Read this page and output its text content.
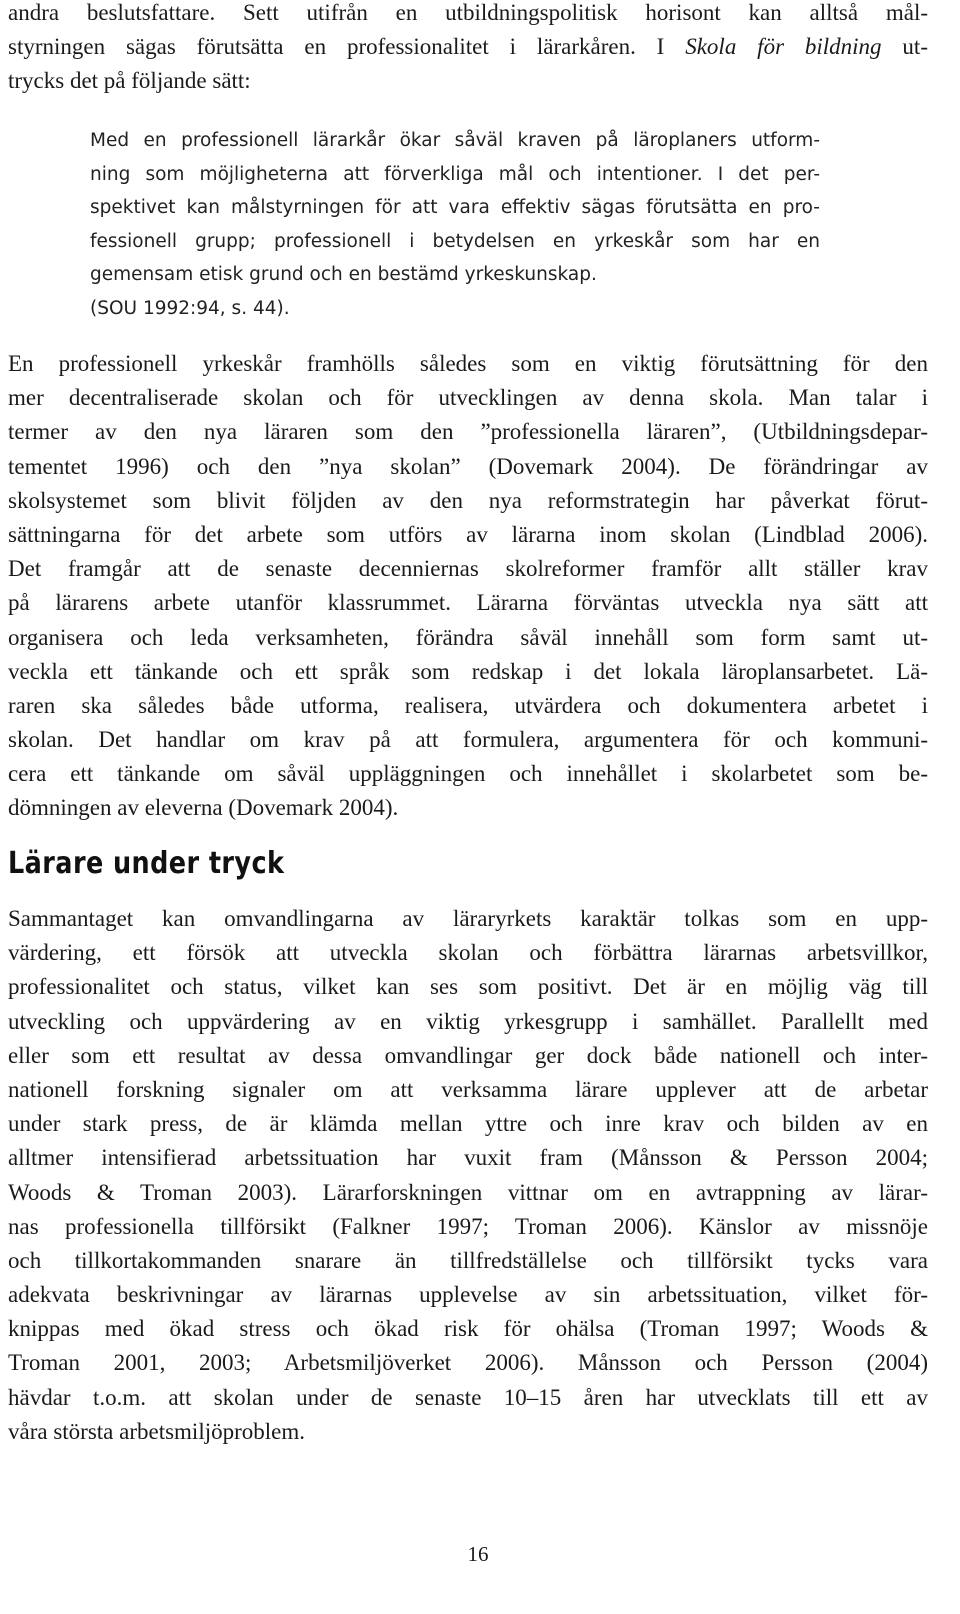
andra beslutsfattare. Sett utifrån en utbildningspolitisk horisont kan alltså mål-
styrningen sägas förutsätta en professionalitet i lärarkåren. I Skola för bildning ut-
trycks det på följande sätt:
Med en professionell lärarkår ökar såväl kraven på läroplaners utform-
ning som möjligheterna att förverkliga mål och intentioner. I det per-
spektivet kan målstyrningen för att vara effektiv sägas förutsätta en pro-
fessionell grupp; professionell i betydelsen en yrkeskår som har en
gemensam etisk grund och en bestämd yrkeskunskap.
(SOU 1992:94, s. 44).
En professionell yrkeskår framhölls således som en viktig förutsättning för den
mer decentraliserade skolan och för utvecklingen av denna skola. Man talar i
termer av den nya läraren som den ”professionella läraren”, (Utbildningsdepar-
tementet 1996) och den ”nya skolan” (Dovemark 2004). De förändringar av
skolsystemet som blivit följden av den nya reformstrategin har påverkat förut-
sättningarna för det arbete som utförs av lärarna inom skolan (Lindblad 2006).
Det framgår att de senaste decenniernas skolreformer framför allt ställer krav
på lärarens arbete utanför klassrummet. Lärarna förväntas utveckla nya sätt att
organisera och leda verksamheten, förändra såväl innehåll som form samt ut-
veckla ett tänkande och ett språk som redskap i det lokala läroplansarbetet. Lä-
raren ska således både utforma, realisera, utvärdera och dokumentera arbetet i
skolan. Det handlar om krav på att formulera, argumentera för och kommuni-
cera ett tänkande om såväl uppläggningen och innehållet i skolarbetet som be-
dömningen av eleverna (Dovemark 2004).
Lärare under tryck
Sammantaget kan omvandlingarna av läraryrkets karaktär tolkas som en upp-
värdering, ett försök att utveckla skolan och förbättra lärarnas arbetsvillkor,
professionalitet och status, vilket kan ses som positivt. Det är en möjlig väg till
utveckling och uppvärdering av en viktig yrkesgrupp i samhället. Parallellt med
eller som ett resultat av dessa omvandlingar ger dock både nationell och inter-
nationell forskning signaler om att verksamma lärare upplever att de arbetar
under stark press, de är klämda mellan yttre och inre krav och bilden av en
alltmer intensifierad arbetssituation har vuxit fram (Månsson & Persson 2004;
Woods & Troman 2003). Lärarforskningen vittnar om en avtrappning av lärar-
nas professionella tillförsikt (Falkner 1997; Troman 2006). Känslor av missnöje
och tillkortakommanden snarare än tillfredställelse och tillförsikt tycks vara
adekvata beskrivningar av lärarnas upplevelse av sin arbetssituation, vilket för-
knippas med ökad stress och ökad risk för ohälsa (Troman 1997; Woods &
Troman 2001, 2003; Arbetsmiljöverket 2006). Månsson och Persson (2004)
hävdar t.o.m. att skolan under de senaste 10–15 åren har utvecklats till ett av
våra största arbetsmiljöproblem.
16
